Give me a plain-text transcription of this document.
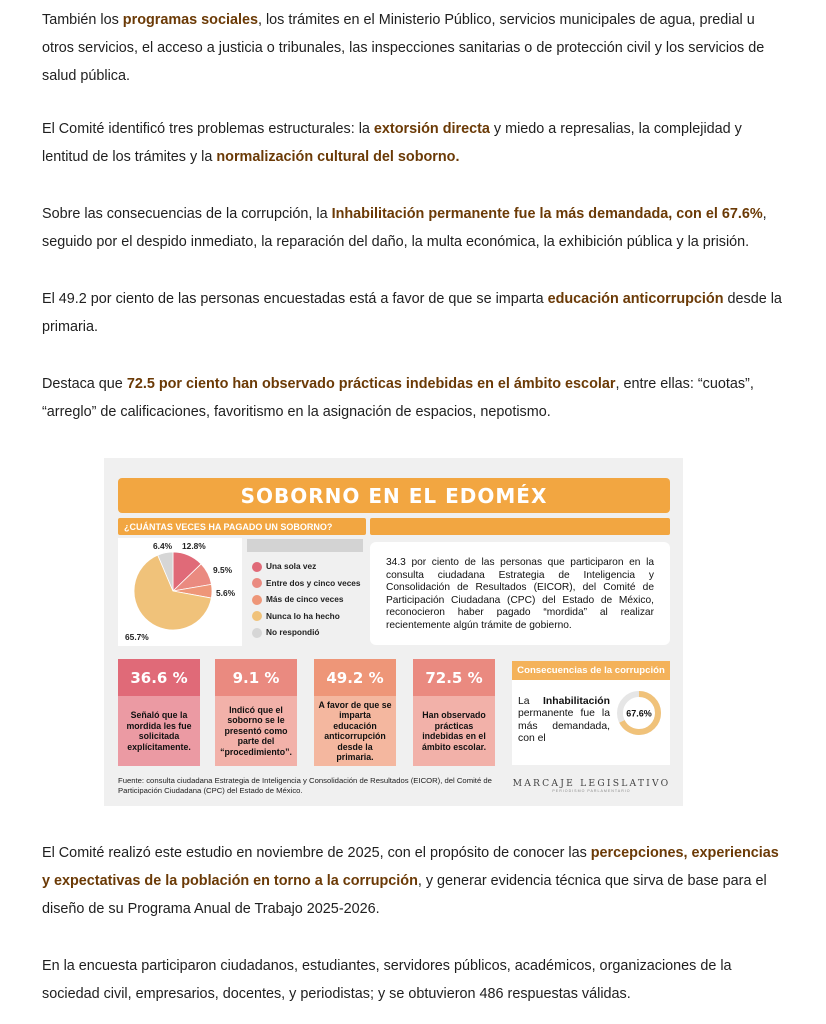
También los programas sociales, los trámites en el Ministerio Público, servicios municipales de agua, predial u otros servicios, el acceso a justicia o tribunales, las inspecciones sanitarias o de protección civil y los servicios de salud pública.

El Comité identificó tres problemas estructurales: la extorsión directa y miedo a represalias, la complejidad y lentitud de los trámites y la normalización cultural del soborno.

Sobre las consecuencias de la corrupción, la Inhabilitación permanente fue la más demandada, con el 67.6%, seguido por el despido inmediato, la reparación del daño, la multa económica, la exhibición pública y la prisión.

El 49.2 por ciento de las personas encuestadas está a favor de que se imparta educación anticorrupción desde la primaria.

Destaca que 72.5 por ciento han observado prácticas indebidas en el ámbito escolar, entre ellas: “cuotas”, “arreglo” de calificaciones, favoritismo en la asignación de espacios, nepotismo.

SOBORNO EN EL EDOMÉX
¿CUÁNTAS VECES HA PAGADO UN SOBORNO?
6.4% 12.8%
9.5%
5.6%
65.7%
Una sola vez
Entre dos y cinco veces
Más de cinco veces
Nunca lo ha hecho
No respondió
34.3 por ciento de las personas que participaron en la consulta ciudadana Estrategia de Inteligencia y Consolidación de Resultados (EICOR), del Comité de Participación Ciudadana (CPC) del Estado de México, reconocieron haber pagado “mordida” al realizar recientemente algún trámite de gobierno.
36.6 %
Señaló que la mordida les fue solicitada explícitamente.
9.1 %
Indicó que el soborno se le presentó como parte del “procedimiento”.
49.2 %
A favor de que se imparta educación anticorrupción desde la primaria.
72.5 %
Han observado prácticas indebidas en el ámbito escolar.
Consecuencias de la corrupción
La Inhabilitación permanente fue la más demandada, con el
67.6%
Fuente: consulta ciudadana Estrategia de Inteligencia y Consolidación de Resultados (EICOR), del Comité de Participación Ciudadana (CPC) del Estado de México.
MARCAJE LEGISLATIVO
PERIODISMO PARLAMENTARIO

El Comité realizó este estudio en noviembre de 2025, con el propósito de conocer las percepciones, experiencias y expectativas de la población en torno a la corrupción, y generar evidencia técnica que sirva de base para el diseño de su Programa Anual de Trabajo 2025-2026.

En la encuesta participaron ciudadanos, estudiantes, servidores públicos, académicos, organizaciones de la sociedad civil, empresarios, docentes, y periodistas; y se obtuvieron 486 respuestas válidas.
